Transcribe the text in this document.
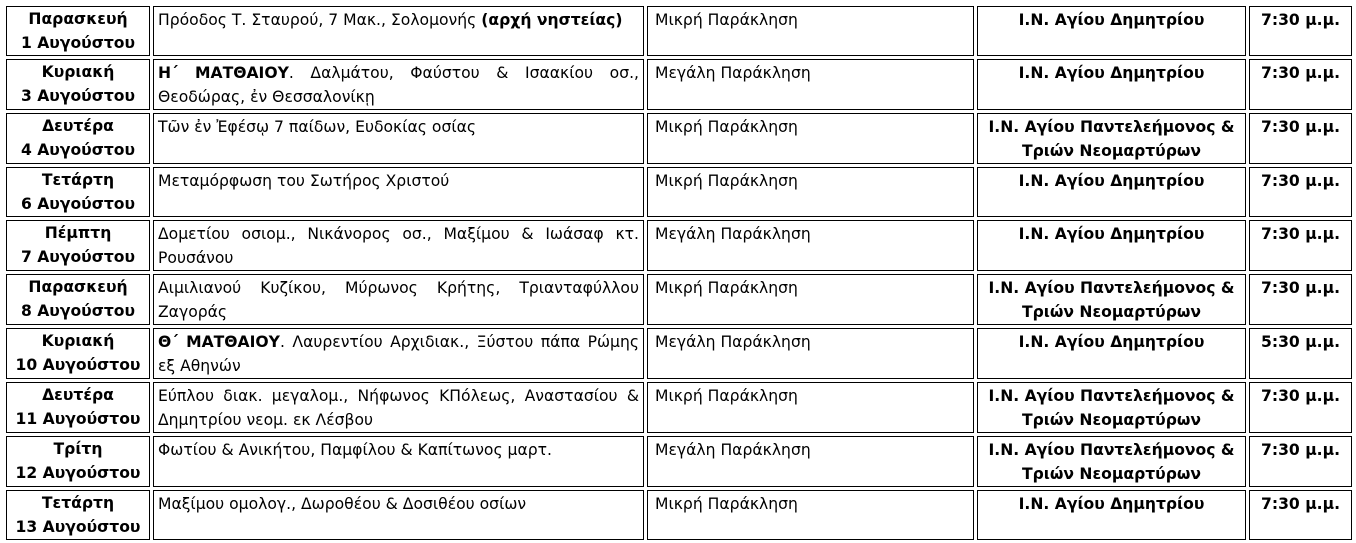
Παρασκευή
1 Αυγούστου	Πρόοδος Τ. Σταυρού, 7 Μακ., Σολομονής (αρχή νηστείας)	Μικρή Παράκληση	Ι.Ν. Αγίου Δημητρίου	7:30 μ.μ.

Κυριακή
3 Αυγούστου	Η΄ ΜΑΤΘΑΙΟΥ. Δαλμάτου, Φαύστου & Ισαακίου οσ., Θεοδώρας, ἐν Θεσσαλονίκῃ	Μεγάλη Παράκληση	Ι.Ν. Αγίου Δημητρίου	7:30 μ.μ.

Δευτέρα
4 Αυγούστου	Τῶν ἐν Ἐφέσῳ 7 παίδων, Ευδοκίας οσίας	Μικρή Παράκληση	Ι.Ν. Αγίου Παντελεήμονος &
Τριών Νεομαρτύρων	7:30 μ.μ.

Τετάρτη
6 Αυγούστου	Μεταμόρφωση του Σωτήρος Χριστού	Μικρή Παράκληση	Ι.Ν. Αγίου Δημητρίου	7:30 μ.μ.

Πέμπτη
7 Αυγούστου	Δομετίου οσιομ., Νικάνορος οσ., Μαξίμου & Ιωάσαφ κτ. Ρουσάνου	Μεγάλη Παράκληση	Ι.Ν. Αγίου Δημητρίου	7:30 μ.μ.

Παρασκευή
8 Αυγούστου	Αιμιλιανού Κυζίκου, Μύρωνος Κρήτης, Τριανταφύλλου Ζαγοράς	Μικρή Παράκληση	Ι.Ν. Αγίου Παντελεήμονος &
Τριών Νεομαρτύρων	7:30 μ.μ.

Κυριακή
10 Αυγούστου	Θ΄ ΜΑΤΘΑΙΟΥ. Λαυρεντίου Αρχιδιακ., Ξύστου πάπα Ρώμης εξ Αθηνών	Μεγάλη Παράκληση	Ι.Ν. Αγίου Δημητρίου	5:30 μ.μ.

Δευτέρα
11 Αυγούστου	Εύπλου διακ. μεγαλομ., Νήφωνος ΚΠόλεως, Αναστασίου & Δημητρίου νεομ. εκ Λέσβου	Μικρή Παράκληση	Ι.Ν. Αγίου Παντελεήμονος &
Τριών Νεομαρτύρων	7:30 μ.μ.

Τρίτη
12 Αυγούστου	Φωτίου & Ανικήτου, Παμφίλου & Καπίτωνος μαρτ.	Μεγάλη Παράκληση	Ι.Ν. Αγίου Παντελεήμονος &
Τριών Νεομαρτύρων	7:30 μ.μ.

Τετάρτη
13 Αυγούστου	Μαξίμου ομολογ., Δωροθέου & Δοσιθέου οσίων	Μικρή Παράκληση	Ι.Ν. Αγίου Δημητρίου	7:30 μ.μ.
